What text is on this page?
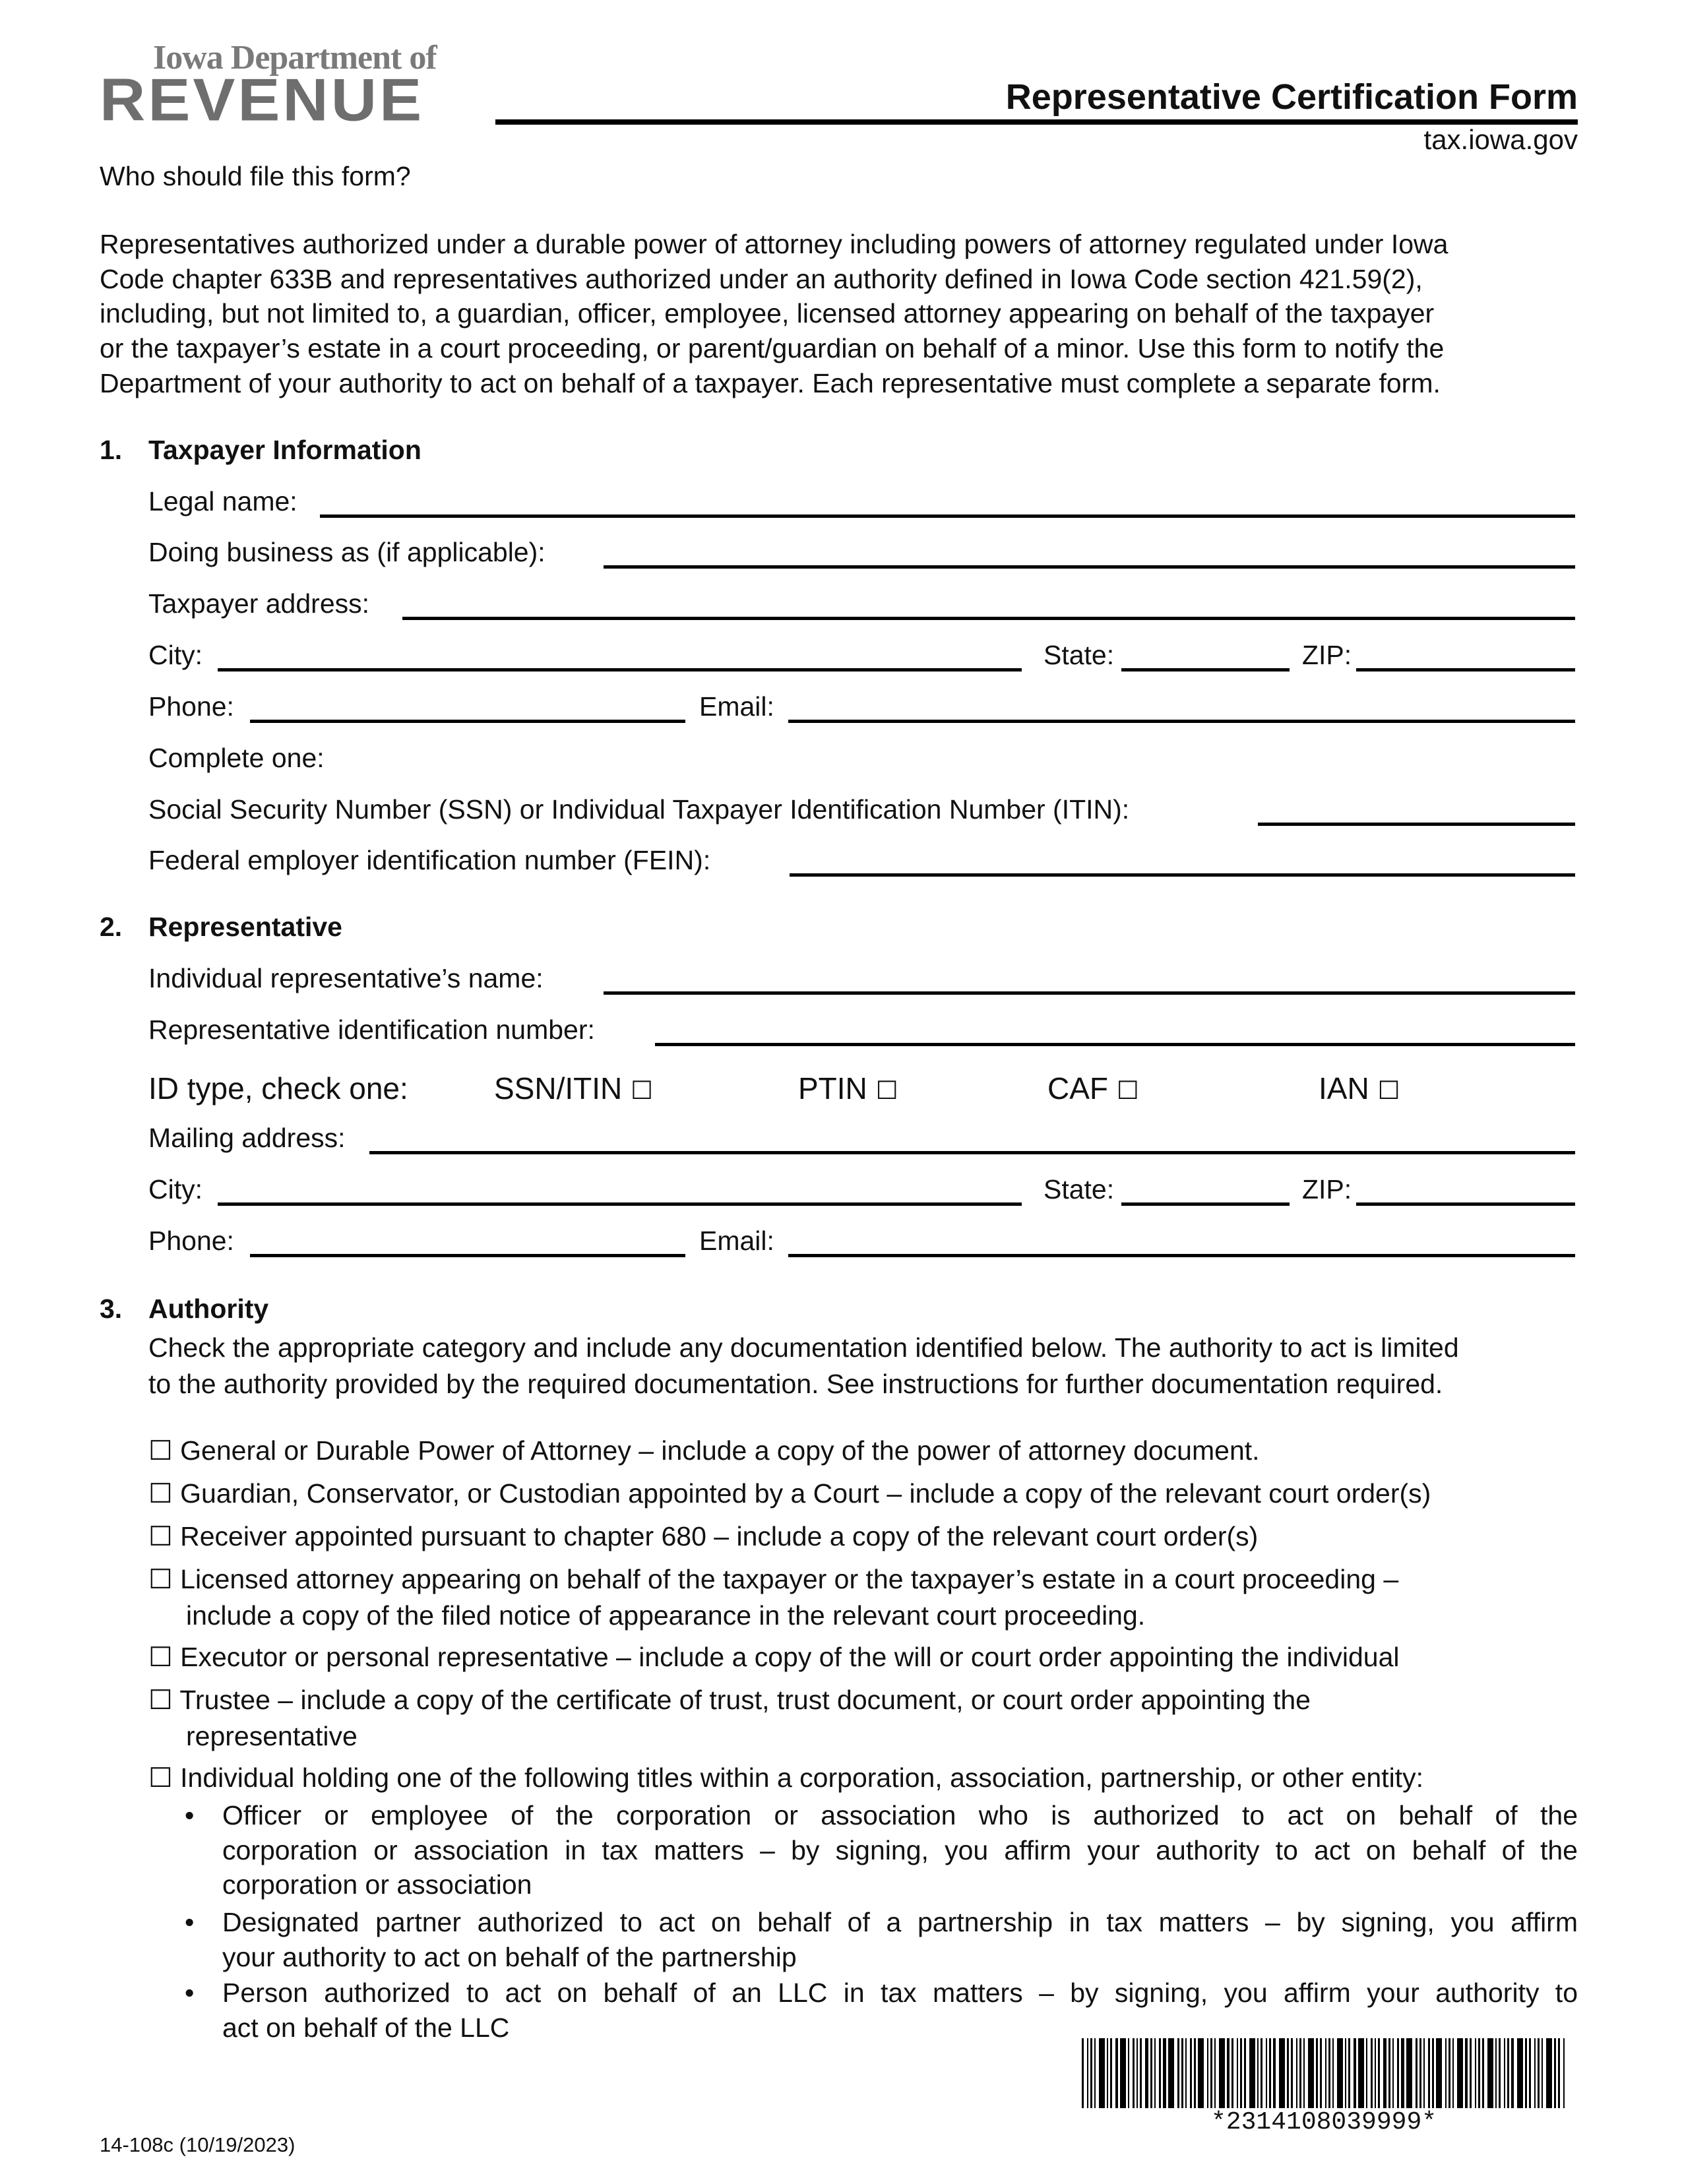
Iowa Department of
REVENUE	Representative Certification Form
tax.iowa.gov
Who should file this form?
Representatives authorized under a durable power of attorney including powers of attorney regulated under Iowa
Code chapter 633B and representatives authorized under an authority defined in Iowa Code section 421.59(2),
including, but not limited to, a guardian, officer, employee, licensed attorney appearing on behalf of the taxpayer
or the taxpayer’s estate in a court proceeding, or parent/guardian on behalf of a minor. Use this form to notify the
Department of your authority to act on behalf of a taxpayer. Each representative must complete a separate form.
1. Taxpayer Information
Legal name:
Doing business as (if applicable):
Taxpayer address:
City:	State:	ZIP:
Phone:	Email:
Complete one:
Social Security Number (SSN) or Individual Taxpayer Identification Number (ITIN):
Federal employer identification number (FEIN):
2. Representative
Individual representative’s name:
Representative identification number:
ID type, check one:	SSN/ITIN ☐	PTIN ☐	CAF ☐	IAN ☐
Mailing address:
City:	State:	ZIP:
Phone:	Email:
3. Authority
Check the appropriate category and include any documentation identified below. The authority to act is limited
to the authority provided by the required documentation. See instructions for further documentation required.
☐ General or Durable Power of Attorney – include a copy of the power of attorney document.
☐ Guardian, Conservator, or Custodian appointed by a Court – include a copy of the relevant court order(s)
☐ Receiver appointed pursuant to chapter 680 – include a copy of the relevant court order(s)
☐ Licensed attorney appearing on behalf of the taxpayer or the taxpayer’s estate in a court proceeding –
include a copy of the filed notice of appearance in the relevant court proceeding.
☐ Executor or personal representative – include a copy of the will or court order appointing the individual
☐ Trustee – include a copy of the certificate of trust, trust document, or court order appointing the
representative
☐ Individual holding one of the following titles within a corporation, association, partnership, or other entity:
• Officer or employee of the corporation or association who is authorized to act on behalf of the
corporation or association in tax matters – by signing, you affirm your authority to act on behalf of the
corporation or association
• Designated partner authorized to act on behalf of a partnership in tax matters – by signing, you affirm
your authority to act on behalf of the partnership
• Person authorized to act on behalf of an LLC in tax matters – by signing, you affirm your authority to
act on behalf of the LLC
*2314108039999*
14-108c (10/19/2023)
